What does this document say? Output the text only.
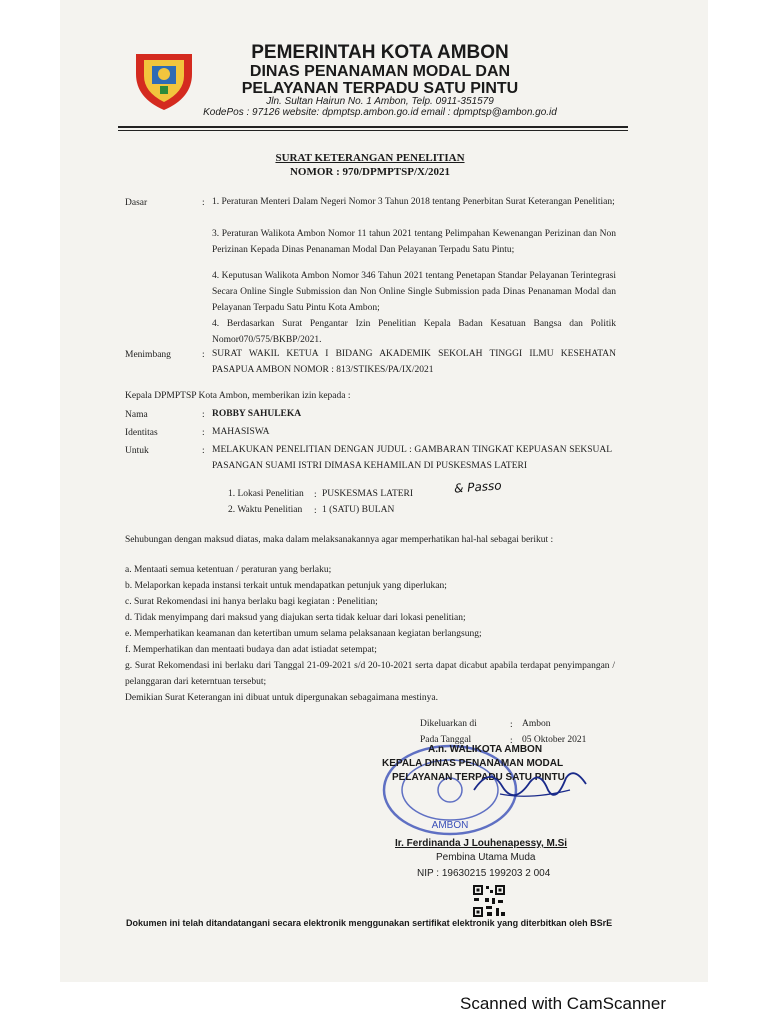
PEMERINTAH KOTA AMBON
DINAS PENANAMAN MODAL DAN
PELAYANAN TERPADU SATU PINTU
Jln. Sultan Hairun No. 1 Ambon, Telp. 0911-351579
KodePos : 97126 website: dpmptsp.ambon.go.id email : dpmptsp@ambon.go.id
SURAT KETERANGAN PENELITIAN
NOMOR : 970/DPMPTSP/X/2021
Dasar	: 1. Peraturan Menteri Dalam Negeri Nomor 3 Tahun 2018 tentang Penerbitan Surat Keterangan Penelitian;
3. Peraturan Walikota Ambon Nomor 11 tahun 2021 tentang Pelimpahan Kewenangan Perizinan dan Non Perizinan Kepada Dinas Penanaman Modal Dan Pelayanan Terpadu Satu Pintu;
4. Keputusan Walikota Ambon Nomor 346 Tahun 2021 tentang Penetapan Standar Pelayanan Terintegrasi Secara Online Single Submission dan Non Online Single Submission pada Dinas Penanaman Modal dan Pelayanan Terpadu Satu Pintu Kota Ambon;
4. Berdasarkan Surat Pengantar Izin Penelitian Kepala Badan Kesatuan Bangsa dan Politik Nomor070/575/BKBP/2021.
Menimbang	: SURAT WAKIL KETUA I BIDANG AKADEMIK SEKOLAH TINGGI ILMU KESEHATAN PASAPUA AMBON NOMOR : 813/STIKES/PA/IX/2021
Kepala DPMPTSP Kota Ambon, memberikan izin kepada :
Nama	: ROBBY SAHULEKA
Identitas	: MAHASISWA
Untuk	: MELAKUKAN PENELITIAN DENGAN JUDUL : GAMBARAN TINGKAT KEPUASAN SEKSUAL PASANGAN SUAMI ISTRI DIMASA KEHAMILAN DI PUSKESMAS LATERI
1. Lokasi Penelitian : PUSKESMAS LATERI	& Passo
2. Waktu Penelitian : 1 (SATU) BULAN
Sehubungan dengan maksud diatas, maka dalam melaksanakannya agar memperhatikan hal-hal sebagai berikut :
a. Mentaati semua ketentuan / peraturan yang berlaku;
b. Melaporkan kepada instansi terkait untuk mendapatkan petunjuk yang diperlukan;
c. Surat Rekomendasi ini hanya berlaku bagi kegiatan : Penelitian;
d. Tidak menyimpang dari maksud yang diajukan serta tidak keluar dari lokasi penelitian;
e. Memperhatikan keamanan dan ketertiban umum selama pelaksanaan kegiatan berlangsung;
f. Memperhatikan dan mentaati budaya dan adat istiadat setempat;
g. Surat Rekomendasi ini berlaku dari Tanggal 21-09-2021 s/d 20-10-2021 serta dapat dicabut apabila terdapat penyimpangan / pelanggaran dari keterntuan tersebut;
Demikian Surat Keterangan ini dibuat untuk dipergunakan sebagaimana mestinya.
Dikeluarkan di	: Ambon
Pada Tanggal	: 05 Oktober 2021
AMBON
A.n. WALIKOTA AMBON
KEPALA DINAS PENANAMAN MODAL
PELAYANAN TERPADU SATU PINTU
Ir. Ferdinanda J Louhenapessy, M.Si
Pembina Utama Muda
NIP : 19630215 199203 2 004
Dokumen ini telah ditandatangani secara elektronik menggunakan sertifikat elektronik yang diterbitkan oleh BSrE
Scanned with CamScanner
